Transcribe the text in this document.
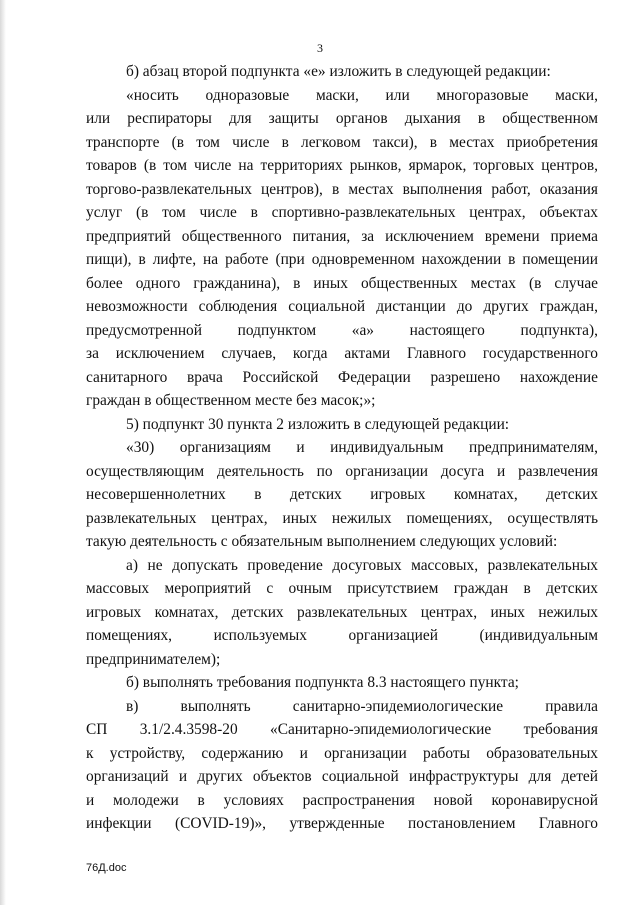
3

б) абзац второй подпункта «е» изложить в следующей редакции:

«носить одноразовые маски, или многоразовые маски,

или респираторы для защиты органов дыхания в общественном

транспорте (в том числе в легковом такси), в местах приобретения

товаров (в том числе на территориях рынков, ярмарок, торговых центров,

торгово-развлекательных центров), в местах выполнения работ, оказания

услуг (в том числе в спортивно-развлекательных центрах, объектах

предприятий общественного питания, за исключением времени приема

пищи), в лифте, на работе (при одновременном нахождении в помещении

более одного гражданина), в иных общественных местах (в случае

невозможности соблюдения социальной дистанции до других граждан,

предусмотренной подпунктом «а» настоящего подпункта),

за исключением случаев, когда актами Главного государственного

санитарного врача Российской Федерации разрешено нахождение

граждан в общественном месте без масок;»;

5) подпункт 30 пункта 2 изложить в следующей редакции:

«30) организациям и индивидуальным предпринимателям,

осуществляющим деятельность по организации досуга и развлечения

несовершеннолетних в детских игровых комнатах, детских

развлекательных центрах, иных нежилых помещениях, осуществлять

такую деятельность с обязательным выполнением следующих условий:

а) не допускать проведение досуговых массовых, развлекательных

массовых мероприятий с очным присутствием граждан в детских

игровых комнатах, детских развлекательных центрах, иных нежилых

помещениях, используемых организацией (индивидуальным

предпринимателем);

б) выполнять требования подпункта 8.3 настоящего пункта;

в) выполнять санитарно-эпидемиологические правила

СП 3.1/2.4.3598-20 «Санитарно-эпидемиологические требования

к устройству, содержанию и организации работы образовательных

организаций и других объектов социальной инфраструктуры для детей

и молодежи в условиях распространения новой коронавирусной

инфекции (COVID-19)», утвержденные постановлением Главного

76Д.doc
